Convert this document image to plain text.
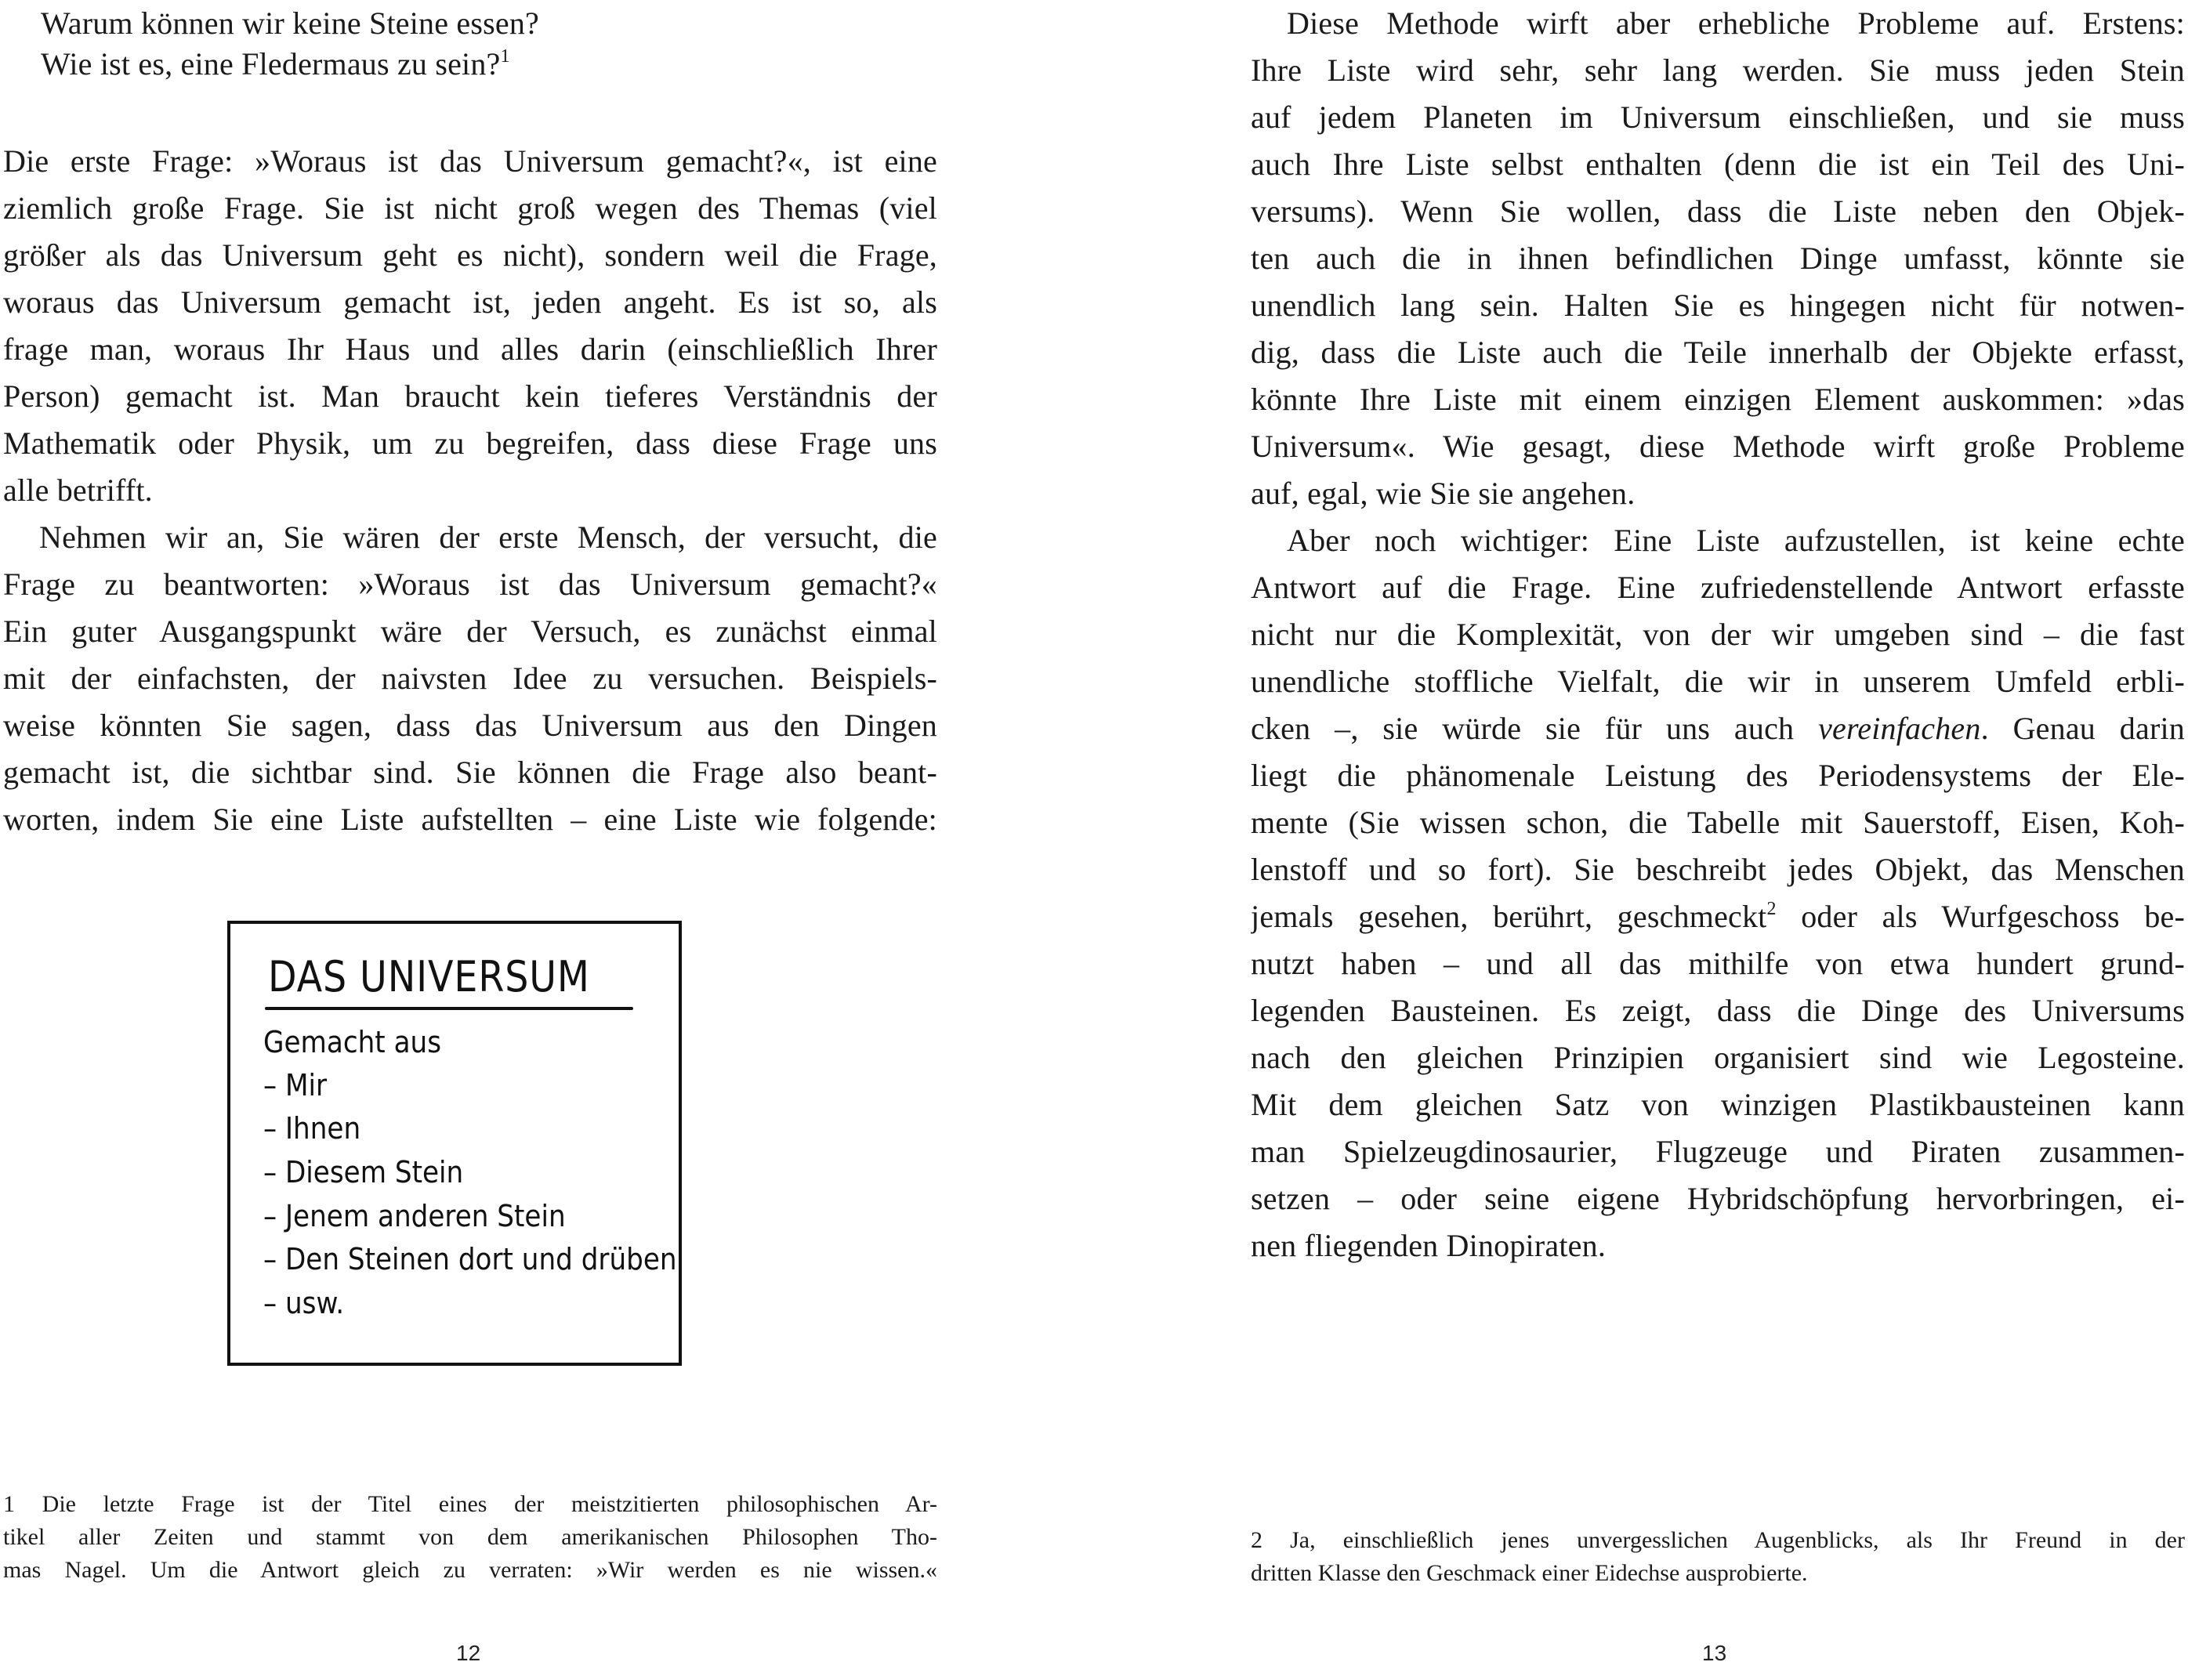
Warum können wir keine Steine essen?
Wie ist es, eine Fledermaus zu sein?$^1$
Die erste Frage: »Woraus ist das Universum gemacht?«, ist eine
ziemlich große Frage. Sie ist nicht groß wegen des Themas (viel
größer als das Universum geht es nicht), sondern weil die Frage,
woraus das Universum gemacht ist, jeden angeht. Es ist so, als
frage man, woraus Ihr Haus und alles darin (einschließlich Ihrer
Person) gemacht ist. Man braucht kein tieferes Verständnis der
Mathematik oder Physik, um zu begreifen, dass diese Frage uns
alle betrifft.
Nehmen wir an, Sie wären der erste Mensch, der versucht, die
Frage zu beantworten: »Woraus ist das Universum gemacht?«
Ein guter Ausgangspunkt wäre der Versuch, es zunächst einmal
mit der einfachsten, der naivsten Idee zu versuchen. Beispiels-
weise könnten Sie sagen, dass das Universum aus den Dingen
gemacht ist, die sichtbar sind. Sie können die Frage also beant-
worten, indem Sie eine Liste aufstellten – eine Liste wie folgende:
DAS UNIVERSUM
Gemacht aus
– Mir
– Ihnen
– Diesem Stein
– Jenem anderen Stein
– Den Steinen dort und drüben
– usw.
1 Die letzte Frage ist der Titel eines der meistzitierten philosophischen Ar-
tikel aller Zeiten und stammt von dem amerikanischen Philosophen Tho-
mas Nagel. Um die Antwort gleich zu verraten: »Wir werden es nie wissen.«
12
Diese Methode wirft aber erhebliche Probleme auf. Erstens:
Ihre Liste wird sehr, sehr lang werden. Sie muss jeden Stein
auf jedem Planeten im Universum einschließen, und sie muss
auch Ihre Liste selbst enthalten (denn die ist ein Teil des Uni-
versums). Wenn Sie wollen, dass die Liste neben den Objek-
ten auch die in ihnen befindlichen Dinge umfasst, könnte sie
unendlich lang sein. Halten Sie es hingegen nicht für notwen-
dig, dass die Liste auch die Teile innerhalb der Objekte erfasst,
könnte Ihre Liste mit einem einzigen Element auskommen: »das
Universum«. Wie gesagt, diese Methode wirft große Probleme
auf, egal, wie Sie sie angehen.
Aber noch wichtiger: Eine Liste aufzustellen, ist keine echte
Antwort auf die Frage. Eine zufriedenstellende Antwort erfasste
nicht nur die Komplexität, von der wir umgeben sind – die fast
unendliche stoffliche Vielfalt, die wir in unserem Umfeld erbli-
cken –, sie würde sie für uns auch vereinfachen. Genau darin
liegt die phänomenale Leistung des Periodensystems der Ele-
mente (Sie wissen schon, die Tabelle mit Sauerstoff, Eisen, Koh-
lenstoff und so fort). Sie beschreibt jedes Objekt, das Menschen
jemals gesehen, berührt, geschmeckt$^2$ oder als Wurfgeschoss be-
nutzt haben – und all das mithilfe von etwa hundert grund-
legenden Bausteinen. Es zeigt, dass die Dinge des Universums
nach den gleichen Prinzipien organisiert sind wie Legosteine.
Mit dem gleichen Satz von winzigen Plastikbausteinen kann
man Spielzeugdinosaurier, Flugzeuge und Piraten zusammen-
setzen – oder seine eigene Hybridschöpfung hervorbringen, ei-
nen fliegenden Dinopiraten.
2 Ja, einschließlich jenes unvergesslichen Augenblicks, als Ihr Freund in der
dritten Klasse den Geschmack einer Eidechse ausprobierte.
13
